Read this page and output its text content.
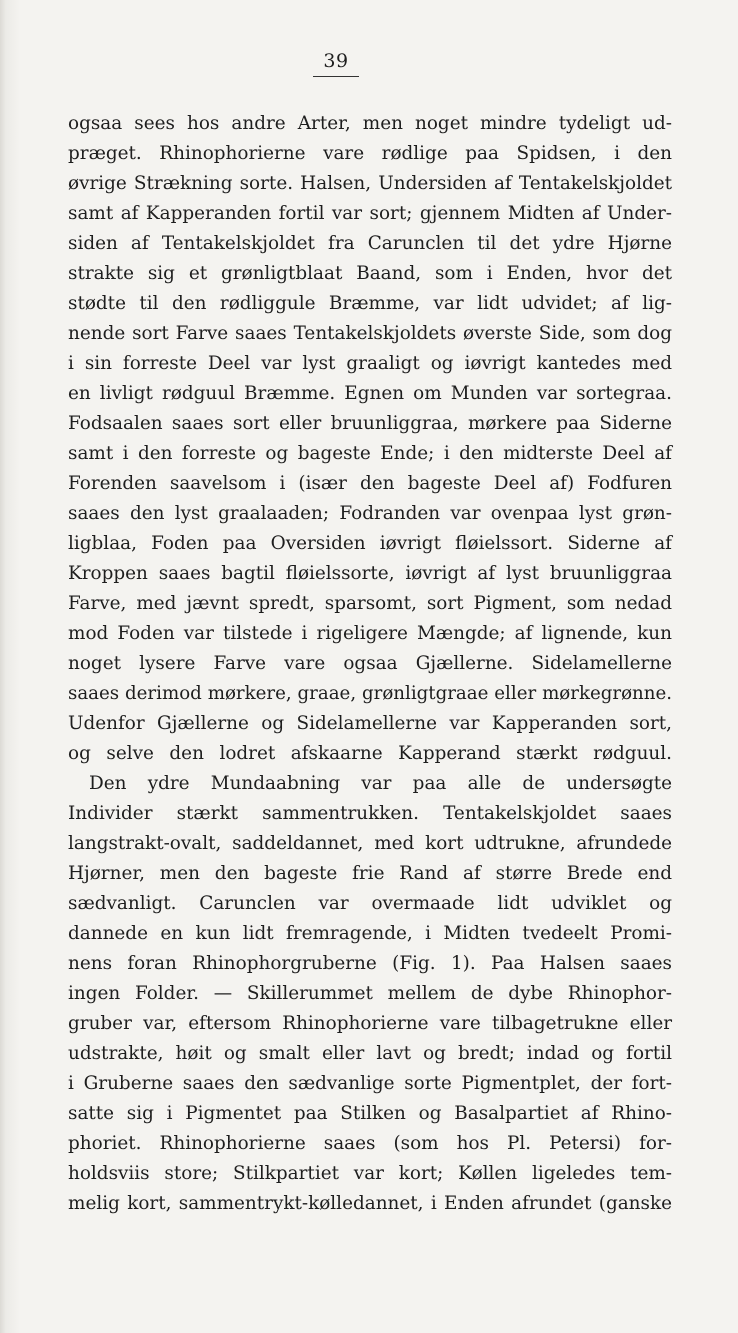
39
ogsaa sees hos andre Arter, men noget mindre tydeligt ud-
præget. Rhinophorierne vare rødlige paa Spidsen, i den
øvrige Strækning sorte. Halsen, Undersiden af Tentakelskjoldet
samt af Kapperanden fortil var sort; gjennem Midten af Under-
siden af Tentakelskjoldet fra Carunclen til det ydre Hjørne
strakte sig et grønligtblaat Baand, som i Enden, hvor det
stødte til den rødliggule Bræmme, var lidt udvidet; af lig-
nende sort Farve saaes Tentakelskjoldets øverste Side, som dog
i sin forreste Deel var lyst graaligt og iøvrigt kantedes med
en livligt rødguul Bræmme. Egnen om Munden var sortegraa.
Fodsaalen saaes sort eller bruunliggraa, mørkere paa Siderne
samt i den forreste og bageste Ende; i den midterste Deel af
Forenden saavelsom i (især den bageste Deel af) Fodfuren
saaes den lyst graalaaden; Fodranden var ovenpaa lyst grøn-
ligblaa, Foden paa Oversiden iøvrigt fløielssort. Siderne af
Kroppen saaes bagtil fløielssorte, iøvrigt af lyst bruunliggraa
Farve, med jævnt spredt, sparsomt, sort Pigment, som nedad
mod Foden var tilstede i rigeligere Mængde; af lignende, kun
noget lysere Farve vare ogsaa Gjællerne. Sidelamellerne
saaes derimod mørkere, graae, grønligtgraae eller mørkegrønne.
Udenfor Gjællerne og Sidelamellerne var Kapperanden sort,
og selve den lodret afskaarne Kapperand stærkt rødguul.
Den ydre Mundaabning var paa alle de undersøgte
Individer stærkt sammentrukken. Tentakelskjoldet saaes
langstrakt-ovalt, saddeldannet, med kort udtrukne, afrundede
Hjørner, men den bageste frie Rand af større Brede end
sædvanligt. Carunclen var overmaade lidt udviklet og
dannede en kun lidt fremragende, i Midten tvedeelt Promi-
nens foran Rhinophorgruberne (Fig. 1). Paa Halsen saaes
ingen Folder. — Skillerummet mellem de dybe Rhinophor-
gruber var, eftersom Rhinophorierne vare tilbagetrukne eller
udstrakte, høit og smalt eller lavt og bredt; indad og fortil
i Gruberne saaes den sædvanlige sorte Pigmentplet, der fort-
satte sig i Pigmentet paa Stilken og Basalpartiet af Rhino-
phoriet. Rhinophorierne saaes (som hos Pl. Petersi) for-
holdsviis store; Stilkpartiet var kort; Køllen ligeledes tem-
melig kort, sammentrykt-kølledannet, i Enden afrundet (ganske
